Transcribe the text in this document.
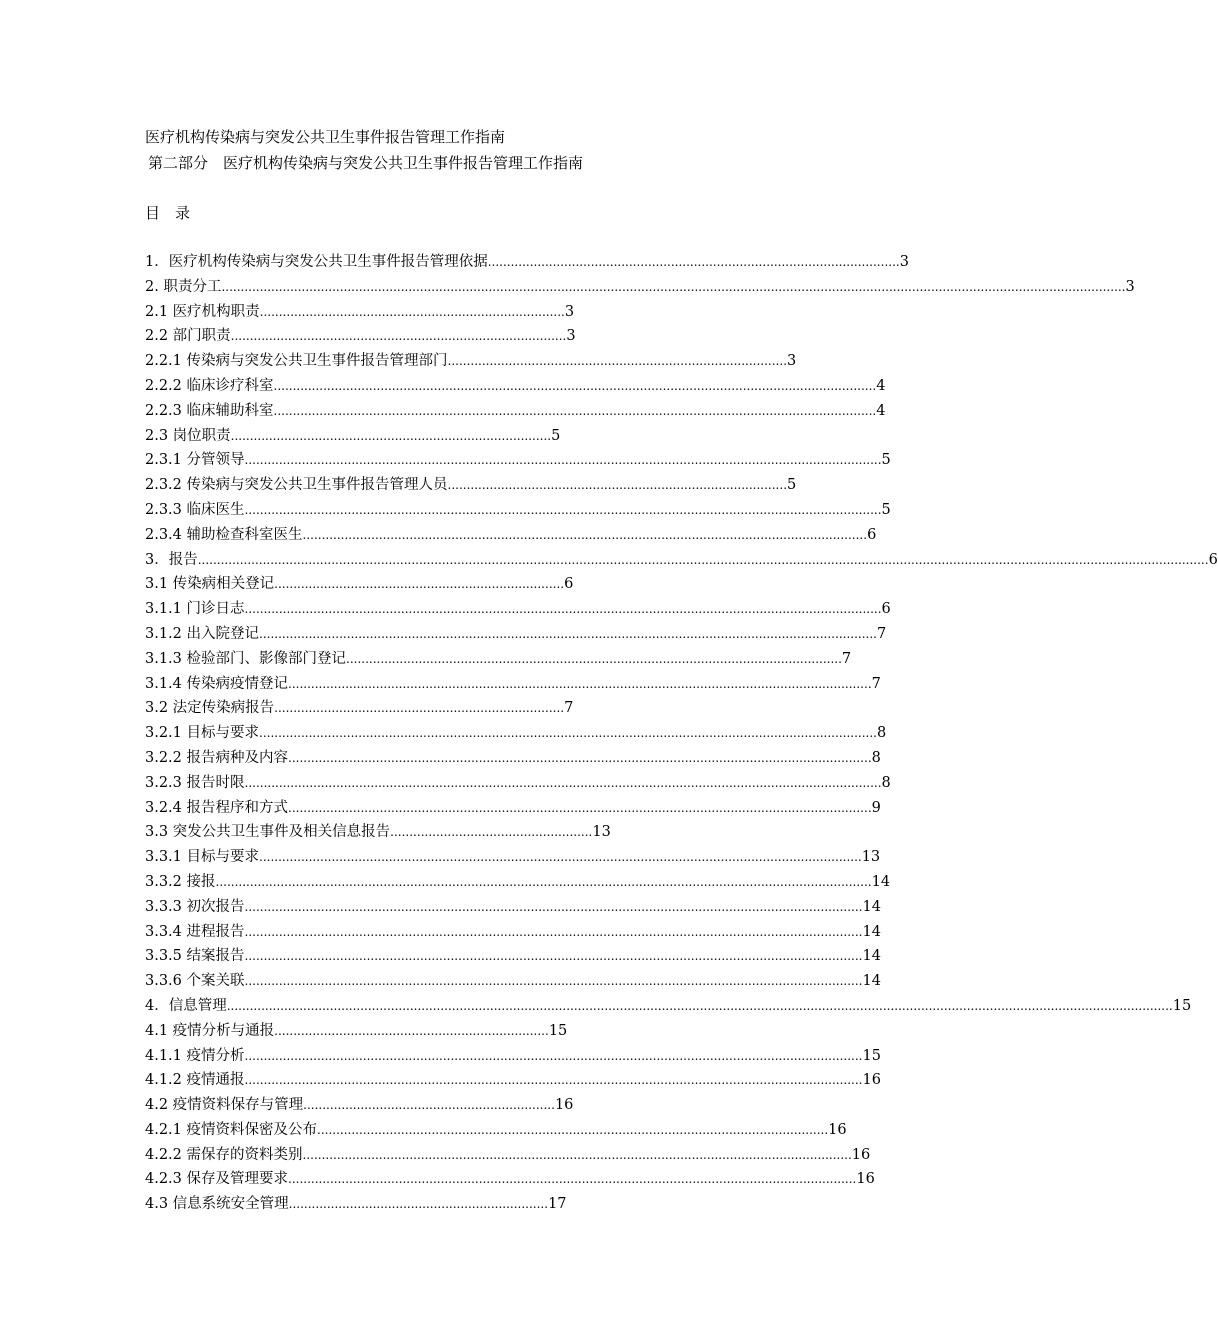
医疗机构传染病与突发公共卫生事件报告管理工作指南
第二部分　医疗机构传染病与突发公共卫生事件报告管理工作指南
目　录
1．医疗机构传染病与突发公共卫生事件报告管理依据 ............................................................................................................ 3
2. 职责分工 ............................................................................................................................................................................................................................................. 3
2.1 医疗机构职责 ................................................................................ 3
2.2 部门职责 ........................................................................................ 3
2.2.1 传染病与突发公共卫生事件报告管理部门 ......................................................................................... 3
2.2.2 临床诊疗科室 .............................................................................................................................................................. 4
2.2.3 临床辅助科室 .............................................................................................................................................................. 4
2.3 岗位职责 .................................................................................... 5
2.3.1 分管领导 ....................................................................................................................................................................... 5
2.3.2 传染病与突发公共卫生事件报告管理人员 ......................................................................................... 5
2.3.3 临床医生 ....................................................................................................................................................................... 5
2.3.4 辅助检查科室医生 .................................................................................................................................................... 6
3．报告 ......................................................................................................................................................................................................................................................................... 6
3.1 传染病相关登记 ............................................................................ 6
3.1.1 门诊日志 ....................................................................................................................................................................... 6
3.1.2 出入院登记 .................................................................................................................................................................. 7
3.1.3 检验部门、影像部门登记 .................................................................................................................................. 7
3.1.4 传染病疫情登记 ......................................................................................................................................................... 7
3.2 法定传染病报告 ............................................................................ 7
3.2.1 目标与要求 .................................................................................................................................................................. 8
3.2.2 报告病种及内容 ......................................................................................................................................................... 8
3.2.3 报告时限 ....................................................................................................................................................................... 8
3.2.4 报告程序和方式 ......................................................................................................................................................... 9
3.3 突发公共卫生事件及相关信息报告 ..................................................... 13
3.3.1 目标与要求 .............................................................................................................................................................. 13
3.3.2 接报 ............................................................................................................................................................................ 14
3.3.3 初次报告 .................................................................................................................................................................. 14
3.3.4 进程报告 .................................................................................................................................................................. 14
3.3.5 结案报告 .................................................................................................................................................................. 14
3.3.6 个案关联 .................................................................................................................................................................. 14
4．信息管理 ........................................................................................................................................................................................................................................................ 15
4.1 疫情分析与通报 ........................................................................ 15
4.1.1 疫情分析 .................................................................................................................................................................. 15
4.1.2 疫情通报 .................................................................................................................................................................. 16
4.2 疫情资料保存与管理 .................................................................. 16
4.2.1 疫情资料保密及公布 ...................................................................................................................................... 16
4.2.2 需保存的资料类别 ................................................................................................................................................ 16
4.2.3 保存及管理要求 ..................................................................................................................................................... 16
4.3 信息系统安全管理 .................................................................... 17
